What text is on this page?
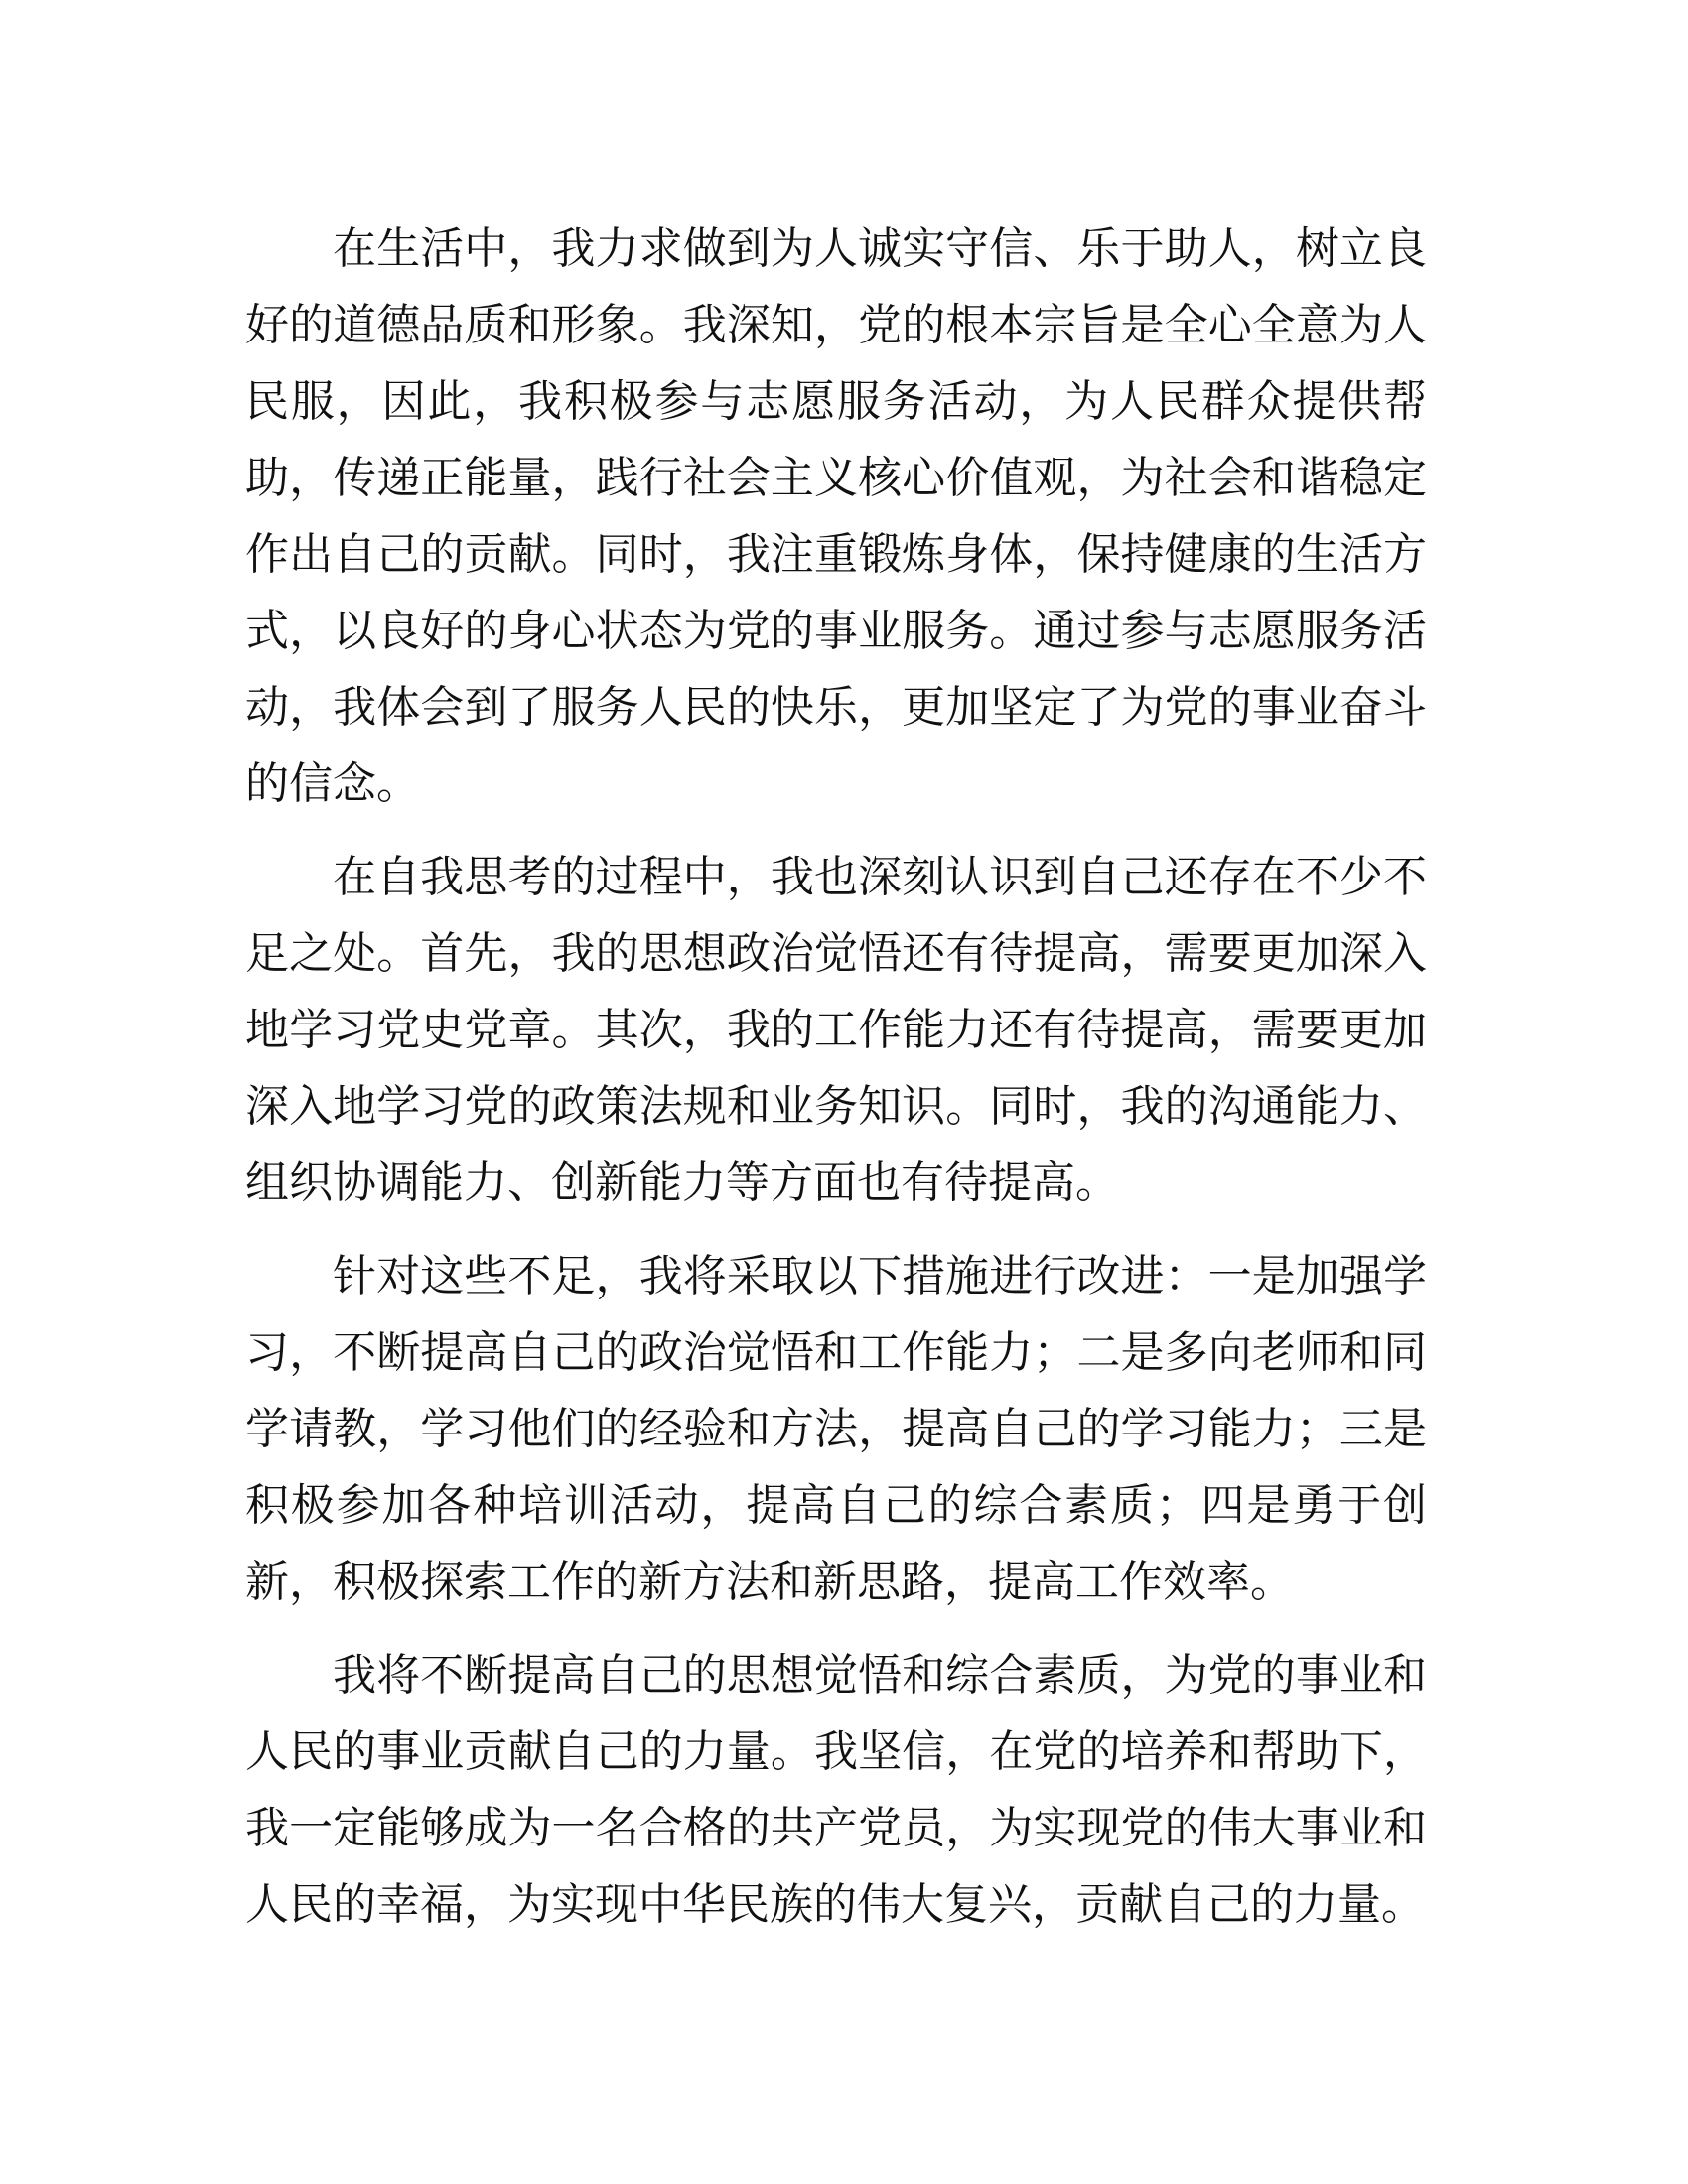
在生活中，我力求做到为人诚实守信、乐于助人，树立良
好的道德品质和形象。我深知，党的根本宗旨是全心全意为人
民服，因此，我积极参与志愿服务活动，为人民群众提供帮
助，传递正能量，践行社会主义核心价值观，为社会和谐稳定
作出自己的贡献。同时，我注重锻炼身体，保持健康的生活方
式，以良好的身心状态为党的事业服务。通过参与志愿服务活
动，我体会到了服务人民的快乐，更加坚定了为党的事业奋斗
的信念。
在自我思考的过程中，我也深刻认识到自己还存在不少不
足之处。首先，我的思想政治觉悟还有待提高，需要更加深入
地学习党史党章。其次，我的工作能力还有待提高，需要更加
深入地学习党的政策法规和业务知识。同时，我的沟通能力、
组织协调能力、创新能力等方面也有待提高。
针对这些不足，我将采取以下措施进行改进：一是加强学
习，不断提高自己的政治觉悟和工作能力；二是多向老师和同
学请教，学习他们的经验和方法，提高自己的学习能力；三是
积极参加各种培训活动，提高自己的综合素质；四是勇于创
新，积极探索工作的新方法和新思路，提高工作效率。
我将不断提高自己的思想觉悟和综合素质，为党的事业和
人民的事业贡献自己的力量。我坚信，在党的培养和帮助下，
我一定能够成为一名合格的共产党员，为实现党的伟大事业和
人民的幸福，为实现中华民族的伟大复兴，贡献自己的力量。
